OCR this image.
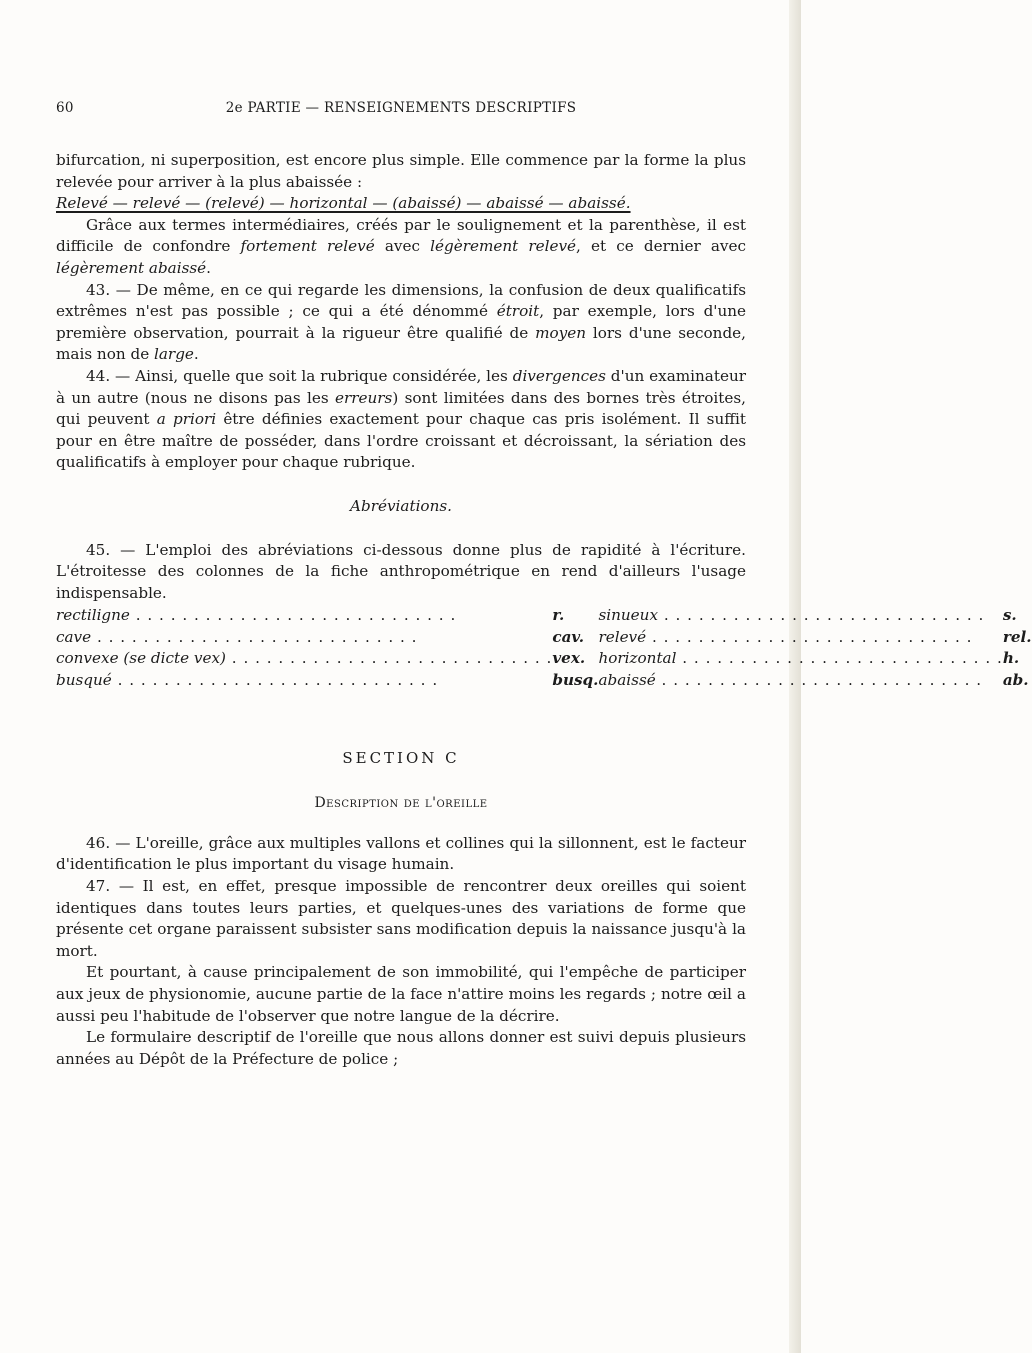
60	2e PARTIE — RENSEIGNEMENTS DESCRIPTIFS

bifurcation, ni superposition, est encore plus simple. Elle commence par la forme la plus relevée pour arriver à la plus abaissée :

Relevé — relevé — (relevé) — horizontal — (abaissé) — abaissé — abaissé.

Grâce aux termes intermédiaires, créés par le soulignement et la parenthèse, il est difficile de confondre fortement relevé avec légèrement relevé, et ce dernier avec légèrement abaissé.

43. — De même, en ce qui regarde les dimensions, la confusion de deux qualificatifs extrêmes n'est pas possible ; ce qui a été dénommé étroit, par exemple, lors d'une première observation, pourrait à la rigueur être qualifié de moyen lors d'une seconde, mais non de large.

44. — Ainsi, quelle que soit la rubrique considérée, les divergences d'un examinateur à un autre (nous ne disons pas les erreurs) sont limitées dans des bornes très étroites, qui peuvent a priori être définies exactement pour chaque cas pris isolément. Il suffit pour en être maître de posséder, dans l'ordre croissant et décroissant, la sériation des qualificatifs à employer pour chaque rubrique.

Abréviations.

45. — L'emploi des abréviations ci-dessous donne plus de rapidité à l'écriture. L'étroitesse des colonnes de la fiche anthropométrique en rend d'ailleurs l'usage indispensable.

rectiligne . . .	r.	sinueux . . .	s.
cave . . .	cav.	relevé . . .	rel.
convexe (se dicte vex) . . .	vex.	horizontal . . .	h.
busqué . . .	busq.	abaissé . . .	ab.

SECTION C

Description de l'oreille

46. — L'oreille, grâce aux multiples vallons et collines qui la sillonnent, est le facteur d'identification le plus important du visage humain.

47. — Il est, en effet, presque impossible de rencontrer deux oreilles qui soient identiques dans toutes leurs parties, et quelques-unes des variations de forme que présente cet organe paraissent subsister sans modification depuis la naissance jusqu'à la mort.

Et pourtant, à cause principalement de son immobilité, qui l'empêche de participer aux jeux de physionomie, aucune partie de la face n'attire moins les regards ; notre œil a aussi peu l'habitude de l'observer que notre langue de la décrire.

Le formulaire descriptif de l'oreille que nous allons donner est suivi depuis plusieurs années au Dépôt de la Préfecture de police ;
